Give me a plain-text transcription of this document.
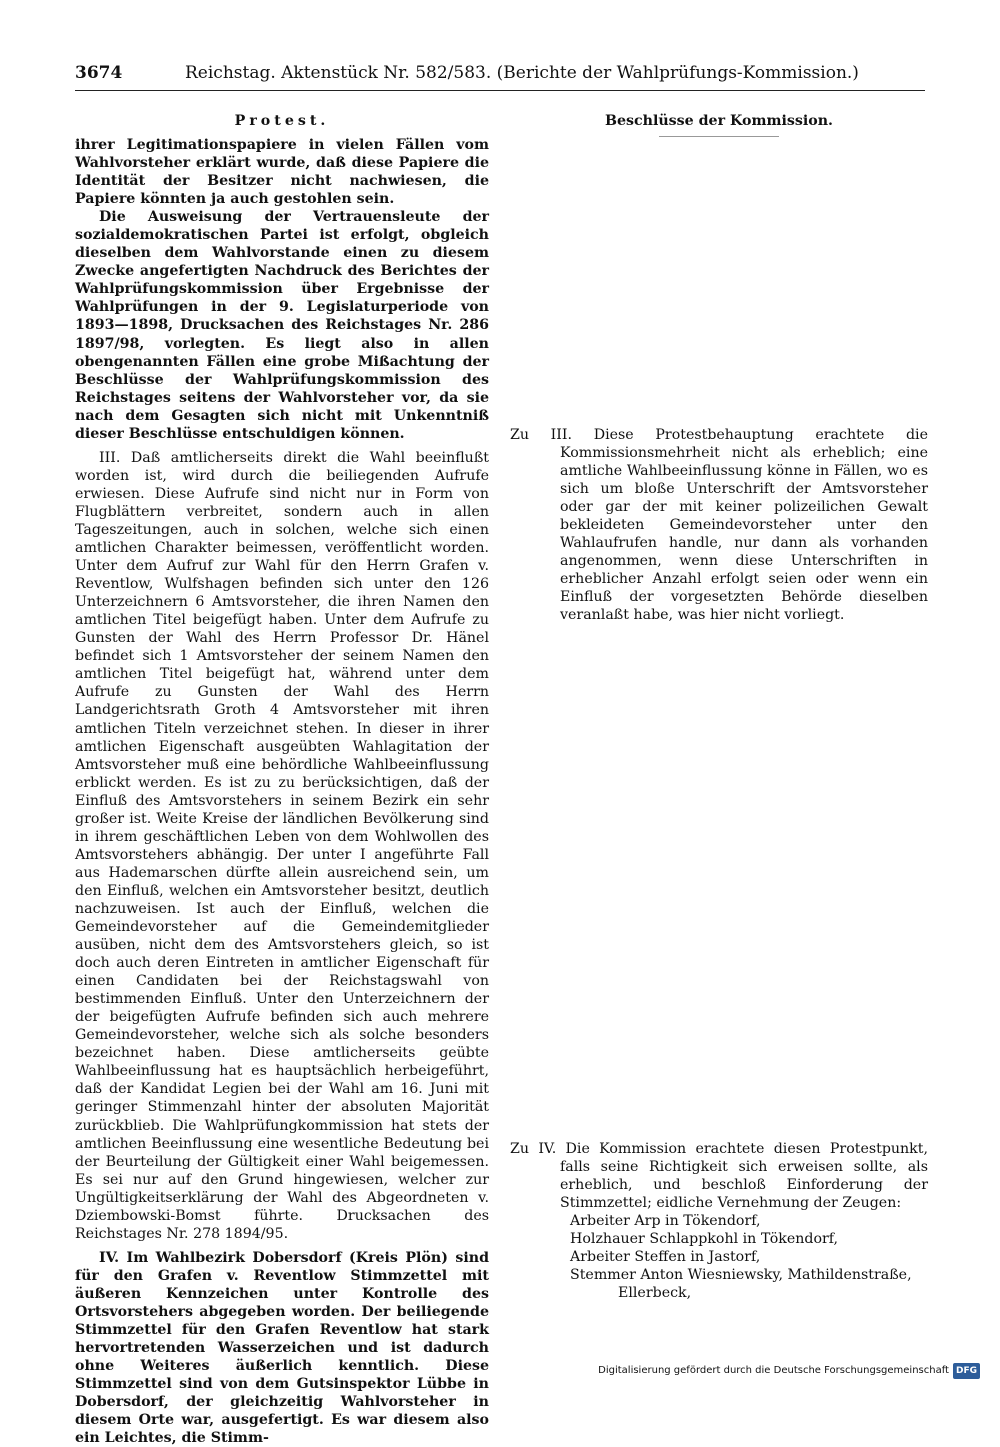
3674	Reichstag. Aktenstück Nr. 582/583. (Berichte der Wahlprüfungs-Kommission.)
Protest.

ihrer Legitimationspapiere in vielen Fällen vom Wahlvorsteher erklärt wurde, daß diese Papiere die Identität der Besitzer nicht nachwiesen, die Papiere könnten ja auch gestohlen sein.

Die Ausweisung der Vertrauensleute der sozialdemokratischen Partei ist erfolgt, obgleich dieselben dem Wahlvorstande einen zu diesem Zwecke angefertigten Nachdruck des Berichtes der Wahlprüfungskommission über Ergebnisse der Wahlprüfungen in der 9. Legislaturperiode von 1893—1898, Drucksachen des Reichstages Nr. 286 1897/98, vorlegten. Es liegt also in allen obengenannten Fällen eine grobe Mißachtung der Beschlüsse der Wahlprüfungskommission des Reichstages seitens der Wahlvorsteher vor, da sie nach dem Gesagten sich nicht mit Unkenntniß dieser Beschlüsse entschuldigen können.

III. Daß amtlicherseits direkt die Wahl beeinflußt worden ist, wird durch die beiliegenden Aufrufe erwiesen. Diese Aufrufe sind nicht nur in Form von Flugblättern verbreitet, sondern auch in allen Tageszeitungen, auch in solchen, welche sich einen amtlichen Charakter beimessen, veröffentlicht worden. Unter dem Aufruf zur Wahl für den Herrn Grafen v. Reventlow, Wulfshagen befinden sich unter den 126 Unterzeichnern 6 Amtsvorsteher, die ihren Namen den amtlichen Titel beigefügt haben. Unter dem Aufrufe zu Gunsten der Wahl des Herrn Professor Dr. Hänel befindet sich 1 Amtsvorsteher der seinem Namen den amtlichen Titel beigefügt hat, während unter dem Aufrufe zu Gunsten der Wahl des Herrn Landgerichtsrath Groth 4 Amtsvorsteher mit ihren amtlichen Titeln verzeichnet stehen. In dieser in ihrer amtlichen Eigenschaft ausgeübten Wahlagitation der Amtsvorsteher muß eine behördliche Wahlbeeinflussung erblickt werden. Es ist zu zu berücksichtigen, daß der Einfluß des Amtsvorstehers in seinem Bezirk ein sehr großer ist. Weite Kreise der ländlichen Bevölkerung sind in ihrem geschäftlichen Leben von dem Wohlwollen des Amtsvorstehers abhängig. Der unter I angeführte Fall aus Hademarschen dürfte allein ausreichend sein, um den Einfluß, welchen ein Amtsvorsteher besitzt, deutlich nachzuweisen. Ist auch der Einfluß, welchen die Gemeindevorsteher auf die Gemeindemitglieder ausüben, nicht dem des Amtsvorstehers gleich, so ist doch auch deren Eintreten in amtlicher Eigenschaft für einen Candidaten bei der Reichstagswahl von bestimmenden Einfluß. Unter den Unterzeichnern der der beigefügten Aufrufe befinden sich auch mehrere Gemeindevorsteher, welche sich als solche besonders bezeichnet haben. Diese amtlicherseits geübte Wahlbeeinflussung hat es hauptsächlich herbeigeführt, daß der Kandidat Legien bei der Wahl am 16. Juni mit geringer Stimmenzahl hinter der absoluten Majorität zurückblieb. Die Wahlprüfungkommission hat stets der amtlichen Beeinflussung eine wesentliche Bedeutung bei der Beurteilung der Gültigkeit einer Wahl beigemessen. Es sei nur auf den Grund hingewiesen, welcher zur Ungültigkeitserklärung der Wahl des Abgeordneten v. Dziembowski-Bomst führte. Drucksachen des Reichstages Nr. 278 1894/95.

IV. Im Wahlbezirk Dobersdorf (Kreis Plön) sind für den Grafen v. Reventlow Stimmzettel mit äußeren Kennzeichen unter Kontrolle des Ortsvorstehers abgegeben worden. Der beiliegende Stimmzettel für den Grafen Reventlow hat stark hervortretenden Wasserzeichen und ist dadurch ohne Weiteres äußerlich kenntlich. Diese Stimmzettel sind von dem Gutsinspektor Lübbe in Dobersdorf, der gleichzeitig Wahlvorsteher in diesem Orte war, ausgefertigt. Es war diesem also ein Leichtes, die Stimm-

Beschlüsse der Kommission.

Zu III. Diese Protestbehauptung erachtete die Kommissionsmehrheit nicht als erheblich; eine amtliche Wahlbeeinflussung könne in Fällen, wo es sich um bloße Unterschrift der Amtsvorsteher oder gar der mit keiner polizeilichen Gewalt bekleideten Gemeindevorsteher unter den Wahlaufrufen handle, nur dann als vorhanden angenommen, wenn diese Unterschriften in erheblicher Anzahl erfolgt seien oder wenn ein Einfluß der vorgesetzten Behörde dieselben veranlaßt habe, was hier nicht vorliegt.

Zu IV. Die Kommission erachtete diesen Protestpunkt, falls seine Richtigkeit sich erweisen sollte, als erheblich, und beschloß Einforderung der Stimmzettel; eidliche Vernehmung der Zeugen:

Arbeiter Arp in Tökendorf,
Holzhauer Schlappkohl in Tökendorf,
Arbeiter Steffen in Jastorf,
Stemmer Anton Wiesniewsky, Mathildenstraße,
Ellerbeck,
Digitalisierung gefördert durch die Deutsche Forschungsgemeinschaft DFG
